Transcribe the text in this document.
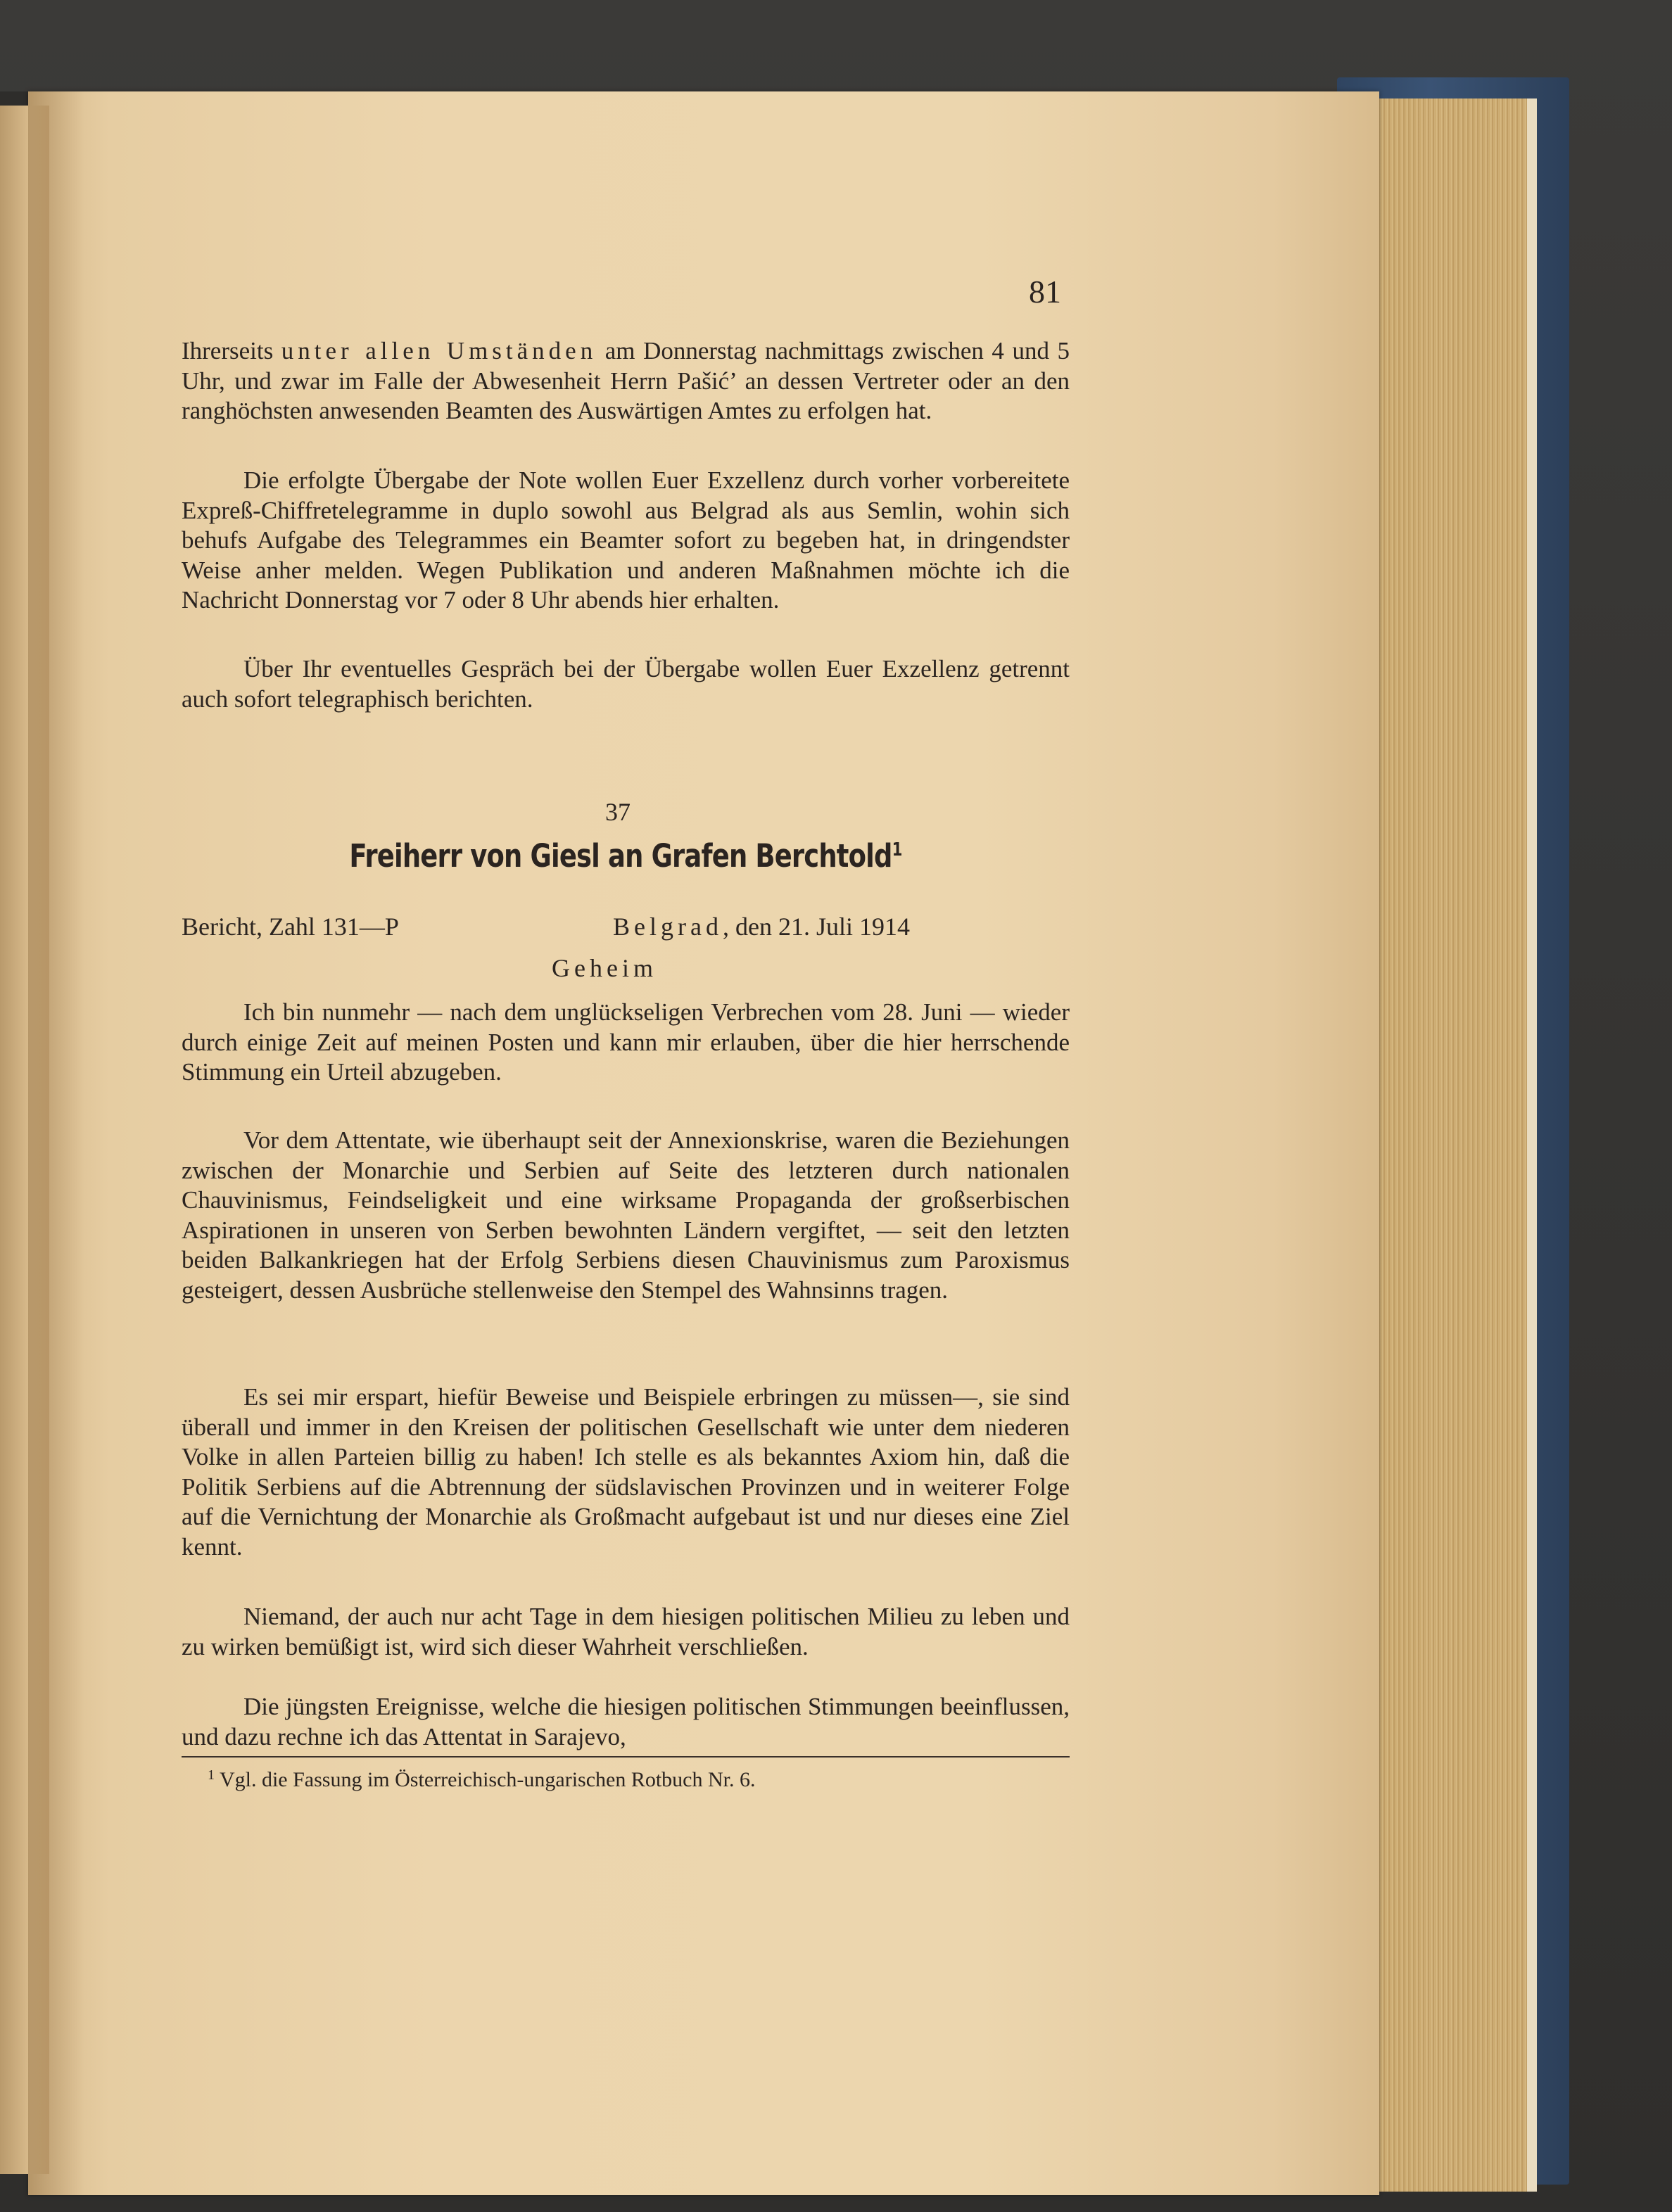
81
Ihrerseits unter allen Umständen am Donnerstag nachmittags zwischen 4 und 5 Uhr, und zwar im Falle der Abwesenheit Herrn Pašić’ an dessen Vertreter oder an den ranghöchsten anwesenden Beamten des Auswärtigen Amtes zu erfolgen hat.
Die erfolgte Übergabe der Note wollen Euer Exzellenz durch vorher vorbereitete Expreß-Chiffretelegramme in duplo sowohl aus Belgrad als aus Semlin, wohin sich behufs Aufgabe des Telegrammes ein Beamter sofort zu begeben hat, in dringendster Weise anher melden. Wegen Publikation und anderen Maßnahmen möchte ich die Nachricht Donnerstag vor 7 oder 8 Uhr abends hier erhalten.
Über Ihr eventuelles Gespräch bei der Übergabe wollen Euer Exzellenz getrennt auch sofort telegraphisch berichten.
37
Freiherr von Giesl an Grafen Berchtold$^1$
Bericht, Zahl 131—P	Belgrad, den 21. Juli 1914
Geheim
Ich bin nunmehr — nach dem unglückseligen Verbrechen vom 28. Juni — wieder durch einige Zeit auf meinen Posten und kann mir erlauben, über die hier herrschende Stimmung ein Urteil abzugeben.
Vor dem Attentate, wie überhaupt seit der Annexionskrise, waren die Beziehungen zwischen der Monarchie und Serbien auf Seite des letzteren durch nationalen Chauvinismus, Feindseligkeit und eine wirksame Propaganda der großserbischen Aspirationen in unseren von Serben bewohnten Ländern vergiftet, — seit den letzten beiden Balkankriegen hat der Erfolg Serbiens diesen Chauvinismus zum Paroxismus gesteigert, dessen Ausbrüche stellenweise den Stempel des Wahnsinns tragen.
Es sei mir erspart, hiefür Beweise und Beispiele erbringen zu müssen—, sie sind überall und immer in den Kreisen der politischen Gesellschaft wie unter dem niederen Volke in allen Parteien billig zu haben! Ich stelle es als bekanntes Axiom hin, daß die Politik Serbiens auf die Abtrennung der südslavischen Provinzen und in weiterer Folge auf die Vernichtung der Monarchie als Großmacht aufgebaut ist und nur dieses eine Ziel kennt.
Niemand, der auch nur acht Tage in dem hiesigen politischen Milieu zu leben und zu wirken bemüßigt ist, wird sich dieser Wahrheit verschließen.
Die jüngsten Ereignisse, welche die hiesigen politischen Stimmungen beeinflussen, und dazu rechne ich das Attentat in Sarajevo,
$^1$ Vgl. die Fassung im Österreichisch-ungarischen Rotbuch Nr. 6.
